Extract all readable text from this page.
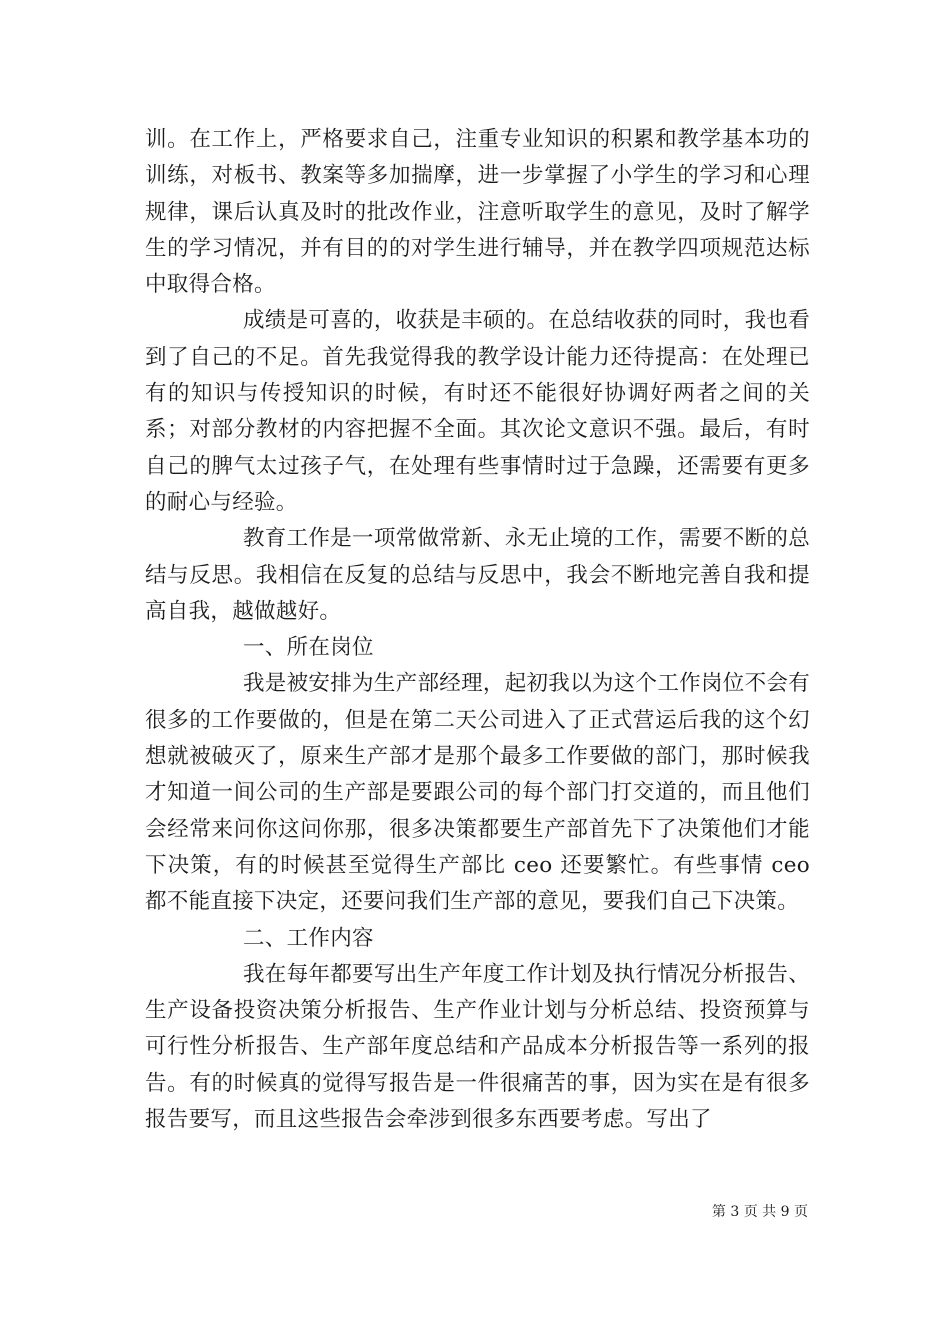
训。在工作上，严格要求自己，注重专业知识的积累和教学基本功的训练，对板书、教案等多加揣摩，进一步掌握了小学生的学习和心理规律，课后认真及时的批改作业，注意听取学生的意见，及时了解学生的学习情况，并有目的的对学生进行辅导，并在教学四项规范达标中取得合格。

成绩是可喜的，收获是丰硕的。在总结收获的同时，我也看到了自己的不足。首先我觉得我的教学设计能力还待提高：在处理已有的知识与传授知识的时候，有时还不能很好协调好两者之间的关系；对部分教材的内容把握不全面。其次论文意识不强。最后，有时自己的脾气太过孩子气，在处理有些事情时过于急躁，还需要有更多的耐心与经验。

教育工作是一项常做常新、永无止境的工作，需要不断的总结与反思。我相信在反复的总结与反思中，我会不断地完善自我和提高自我，越做越好。

一、所在岗位

我是被安排为生产部经理，起初我以为这个工作岗位不会有很多的工作要做的，但是在第二天公司进入了正式营运后我的这个幻想就被破灭了，原来生产部才是那个最多工作要做的部门，那时候我才知道一间公司的生产部是要跟公司的每个部门打交道的，而且他们会经常来问你这问你那，很多决策都要生产部首先下了决策他们才能下决策，有的时候甚至觉得生产部比 ceo 还要繁忙。有些事情 ceo 都不能直接下决定，还要问我们生产部的意见，要我们自己下决策。

二、工作内容

我在每年都要写出生产年度工作计划及执行情况分析报告、生产设备投资决策分析报告、生产作业计划与分析总结、投资预算与可行性分析报告、生产部年度总结和产品成本分析报告等一系列的报告。有的时候真的觉得写报告是一件很痛苦的事，因为实在是有很多报告要写，而且这些报告会牵涉到很多东西要考虑。写出了

第 3 页 共 9 页
